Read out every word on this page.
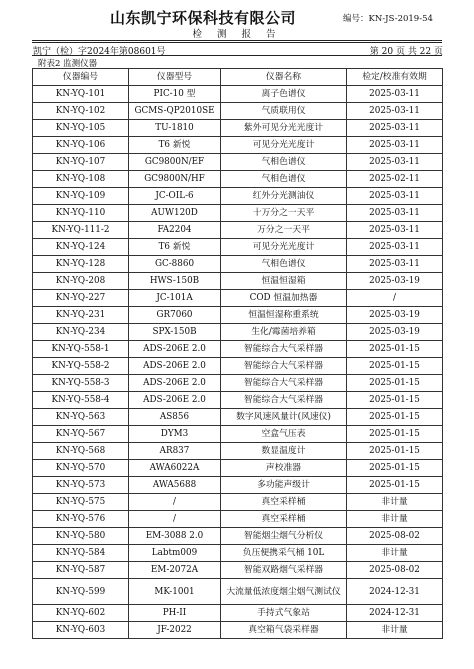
山东凯宁环保科技有限公司	编号：KN-JS-2019-54
检 测 报 告
凯宁（检）字2024年第08601号	第 20 页 共 22 页
附表2 监测仪器
仪器编号	仪器型号	仪器名称	检定/校准有效期
KN-YQ-101	PIC-10 型	离子色谱仪	2025-03-11
KN-YQ-102	GCMS-QP2010SE	气质联用仪	2025-03-11
KN-YQ-105	TU-1810	紫外可见分光光度计	2025-03-11
KN-YQ-106	T6 新悦	可见分光光度计	2025-03-11
KN-YQ-107	GC9800N/EF	气相色谱仪	2025-03-11
KN-YQ-108	GC9800N/HF	气相色谱仪	2025-02-11
KN-YQ-109	JC-OIL-6	红外分光测油仪	2025-03-11
KN-YQ-110	AUW120D	十万分之一天平	2025-03-11
KN-YQ-111-2	FA2204	万分之一天平	2025-03-11
KN-YQ-124	T6 新悦	可见分光光度计	2025-03-11
KN-YQ-128	GC-8860	气相色谱仪	2025-03-11
KN-YQ-208	HWS-150B	恒温恒湿箱	2025-03-19
KN-YQ-227	JC-101A	COD 恒温加热器	/
KN-YQ-231	GR7060	恒温恒湿称重系统	2025-03-19
KN-YQ-234	SPX-150B	生化/霉菌培养箱	2025-03-19
KN-YQ-558-1	ADS-206E 2.0	智能综合大气采样器	2025-01-15
KN-YQ-558-2	ADS-206E 2.0	智能综合大气采样器	2025-01-15
KN-YQ-558-3	ADS-206E 2.0	智能综合大气采样器	2025-01-15
KN-YQ-558-4	ADS-206E 2.0	智能综合大气采样器	2025-01-15
KN-YQ-563	AS856	数字风速风量计(风速仪)	2025-01-15
KN-YQ-567	DYM3	空盒气压表	2025-01-15
KN-YQ-568	AR837	数显温度计	2025-01-15
KN-YQ-570	AWA6022A	声校准器	2025-01-15
KN-YQ-573	AWA5688	多功能声级计	2025-01-15
KN-YQ-575	/	真空采样桶	非计量
KN-YQ-576	/	真空采样桶	非计量
KN-YQ-580	EM-3088 2.0	智能烟尘烟气分析仪	2025-08-02
KN-YQ-584	Labtm009	负压便携采气桶 10L	非计量
KN-YQ-587	EM-2072A	智能双路烟气采样器	2025-08-02
KN-YQ-599	MK-1001	大流量低浓度烟尘烟气测试仪	2024-12-31
KN-YQ-602	PH-II	手持式气象站	2024-12-31
KN-YQ-603	JF-2022	真空箱气袋采样器	非计量
